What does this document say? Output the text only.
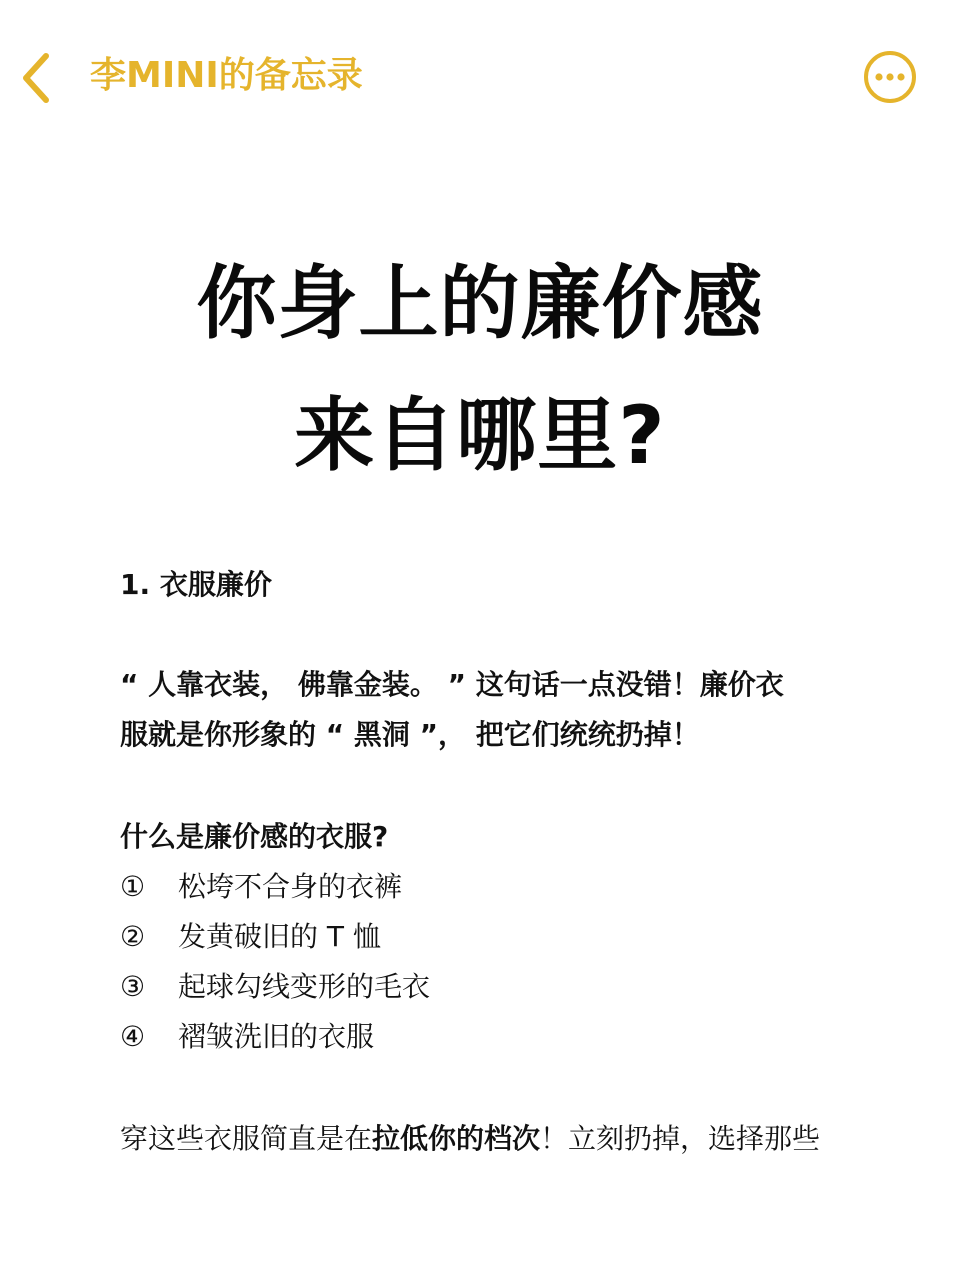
李MINI的备忘录
你身上的廉价感
来自哪里?
1. 衣服廉价
“ 人靠衣装， 佛靠金装。 ” 这句话一点没错！廉价衣
服就是你形象的 “ 黑洞 ”， 把它们统统扔掉！
什么是廉价感的衣服?
① 松垮不合身的衣裤
② 发黄破旧的 T 恤
③ 起球勾线变形的毛衣
④ 褶皱洗旧的衣服
穿这些衣服简直是在拉低你的档次！立刻扔掉，选择那些
